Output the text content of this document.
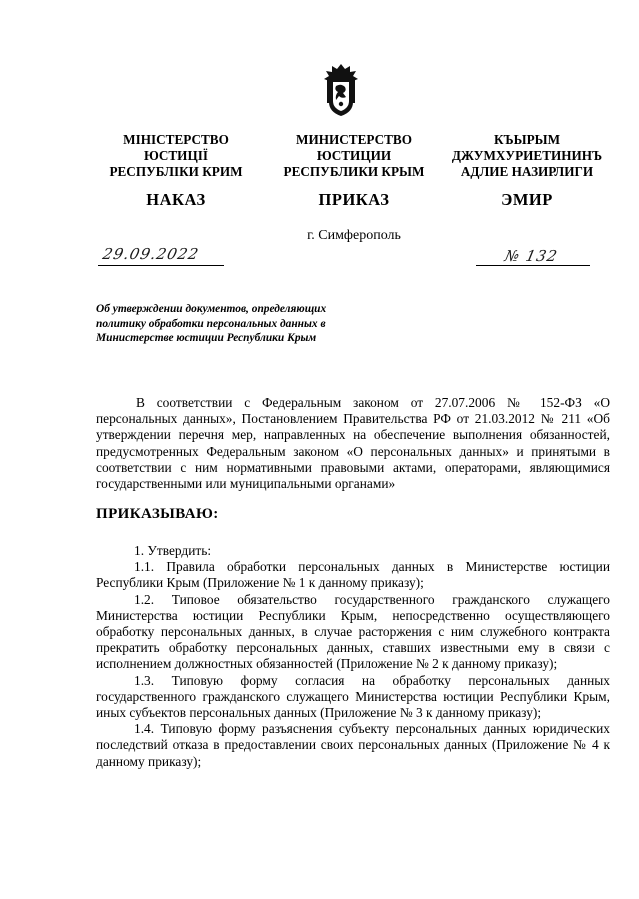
МІНІСТЕРСТВО
ЮСТИЦІЇ
РЕСПУБЛІКИ КРИМ
МИНИСТЕРСТВО
ЮСТИЦИИ
РЕСПУБЛИКИ КРЫМ
КЪЫРЫМ
ДЖУМХУРИЕТИНИНЪ
АДЛИЕ НАЗИРЛИГИ
НАКАЗ	ПРИКАЗ	ЭМИР
г. Симферополь
29.09.2022	№ 132
Об утверждении документов, определяющих политику обработки персональных данных в Министерстве юстиции Республики Крым
В соответствии с Федеральным законом от 27.07.2006 № 152-ФЗ «О персональных данных», Постановлением Правительства РФ от 21.03.2012 № 211 «Об утверждении перечня мер, направленных на обеспечение выполнения обязанностей, предусмотренных Федеральным законом «О персональных данных» и принятыми в соответствии с ним нормативными правовыми актами, операторами, являющимися государственными или муниципальными органами»
ПРИКАЗЫВАЮ:

1. Утвердить:

1.1. Правила обработки персональных данных в Министерстве юстиции Республики Крым (Приложение № 1 к данному приказу);

1.2. Типовое обязательство государственного гражданского служащего Министерства юстиции Республики Крым, непосредственно осуществляющего обработку персональных данных, в случае расторжения с ним служебного контракта прекратить обработку персональных данных, ставших известными ему в связи с исполнением должностных обязанностей (Приложение № 2 к данному приказу);

1.3. Типовую форму согласия на обработку персональных данных государственного гражданского служащего Министерства юстиции Республики Крым, иных субъектов персональных данных (Приложение № 3 к данному приказу);

1.4. Типовую форму разъяснения субъекту персональных данных юридических последствий отказа в предоставлении своих персональных данных (Приложение № 4 к данному приказу);
